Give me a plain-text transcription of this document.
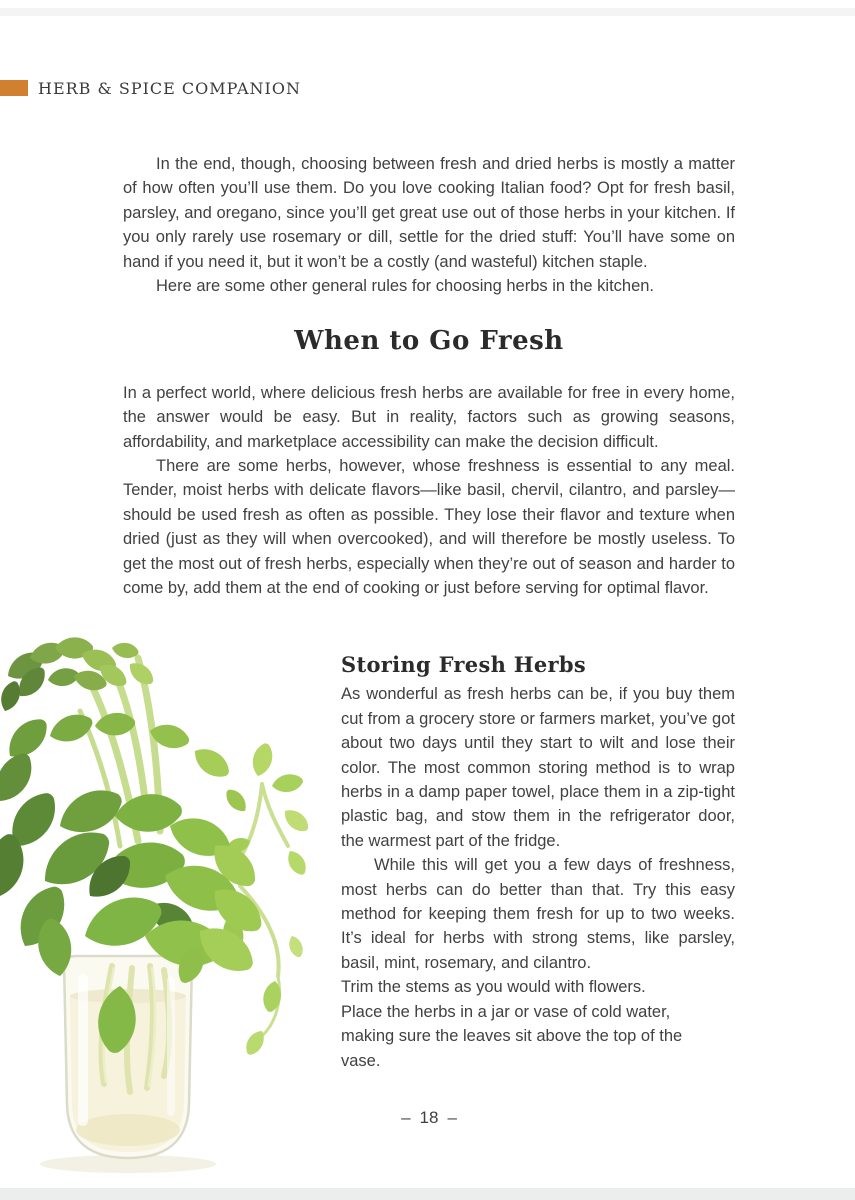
HERB & SPICE COMPANION

In the end, though, choosing between fresh and dried herbs is mostly a matter of how often you’ll use them. Do you love cooking Italian food? Opt for fresh basil, parsley, and oregano, since you’ll get great use out of those herbs in your kitchen. If you only rarely use rosemary or dill, settle for the dried stuff: You’ll have some on hand if you need it, but it won’t be a costly (and wasteful) kitchen staple.

Here are some other general rules for choosing herbs in the kitchen.

When to Go Fresh

In a perfect world, where delicious fresh herbs are available for free in every home, the answer would be easy. But in reality, factors such as growing seasons, affordability, and marketplace accessibility can make the decision difficult.

There are some herbs, however, whose freshness is essential to any meal. Tender, moist herbs with delicate flavors—like basil, chervil, cilantro, and parsley—should be used fresh as often as possible. They lose their flavor and texture when dried (just as they will when overcooked), and will therefore be mostly useless. To get the most out of fresh herbs, especially when they’re out of season and harder to come by, add them at the end of cooking or just before serving for optimal flavor.

Storing Fresh Herbs

As wonderful as fresh herbs can be, if you buy them cut from a grocery store or farmers market, you’ve got about two days until they start to wilt and lose their color. The most common storing method is to wrap herbs in a damp paper towel, place them in a zip-tight plastic bag, and stow them in the refrigerator door, the warmest part of the fridge.

While this will get you a few days of freshness, most herbs can do better than that. Try this easy method for keeping them fresh for up to two weeks. It’s ideal for herbs with strong stems, like parsley, basil, mint, rosemary, and cilantro.

Trim the stems as you would with flowers.

Place the herbs in a jar or vase of cold water, making sure the leaves sit above the top of the vase.

– 18 –
